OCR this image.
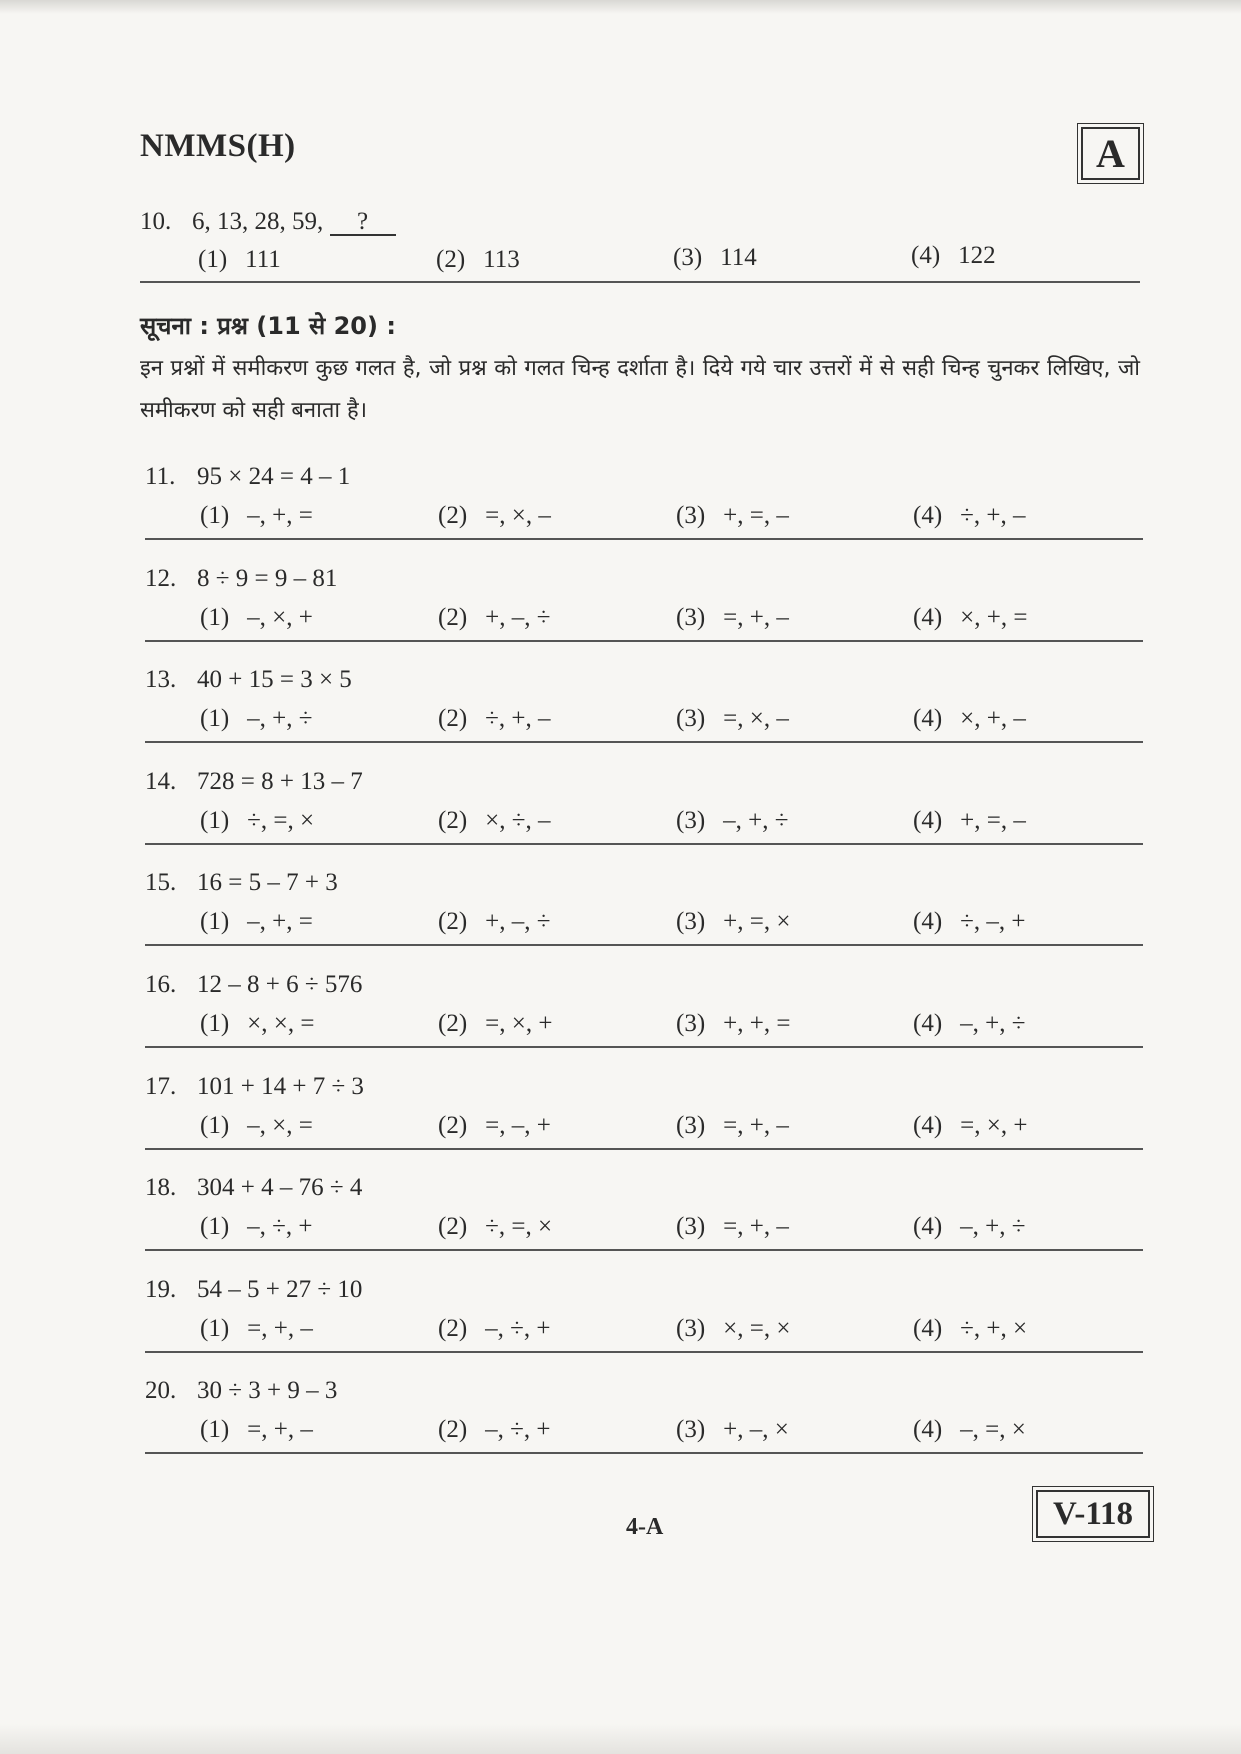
NMMS(H)	A
10. 6, 13, 28, 59, ?
(1) 111	(2) 113	(3) 114	(4) 122
सूचना : प्रश्न (11 से 20) :
इन प्रश्नों में समीकरण कुछ गलत है, जो प्रश्न को गलत चिन्ह दर्शाता है। दिये गये चार उत्तरों में से सही चिन्ह चुनकर लिखिए, जो समीकरण को सही बनाता है।
11. 95 × 24 = 4 – 1
(1) –, +, =	(2) =, ×, –	(3) +, =, –	(4) ÷, +, –
12. 8 ÷ 9 = 9 – 81
(1) –, ×, +	(2) +, –, ÷	(3) =, +, –	(4) ×, +, =
13. 40 + 15 = 3 × 5
(1) –, +, ÷	(2) ÷, +, –	(3) =, ×, –	(4) ×, +, –
14. 728 = 8 + 13 – 7
(1) ÷, =, ×	(2) ×, ÷, –	(3) –, +, ÷	(4) +, =, –
15. 16 = 5 – 7 + 3
(1) –, +, =	(2) +, –, ÷	(3) +, =, ×	(4) ÷, –, +
16. 12 – 8 + 6 ÷ 576
(1) ×, ×, =	(2) =, ×, +	(3) +, +, =	(4) –, +, ÷
17. 101 + 14 + 7 ÷ 3
(1) –, ×, =	(2) =, –, +	(3) =, +, –	(4) =, ×, +
18. 304 + 4 – 76 ÷ 4
(1) –, ÷, +	(2) ÷, =, ×	(3) =, +, –	(4) –, +, ÷
19. 54 – 5 + 27 ÷ 10
(1) =, +, –	(2) –, ÷, +	(3) ×, =, ×	(4) ÷, +, ×
20. 30 ÷ 3 + 9 – 3
(1) =, +, –	(2) –, ÷, +	(3) +, –, ×	(4) –, =, ×
4-A	V-118
